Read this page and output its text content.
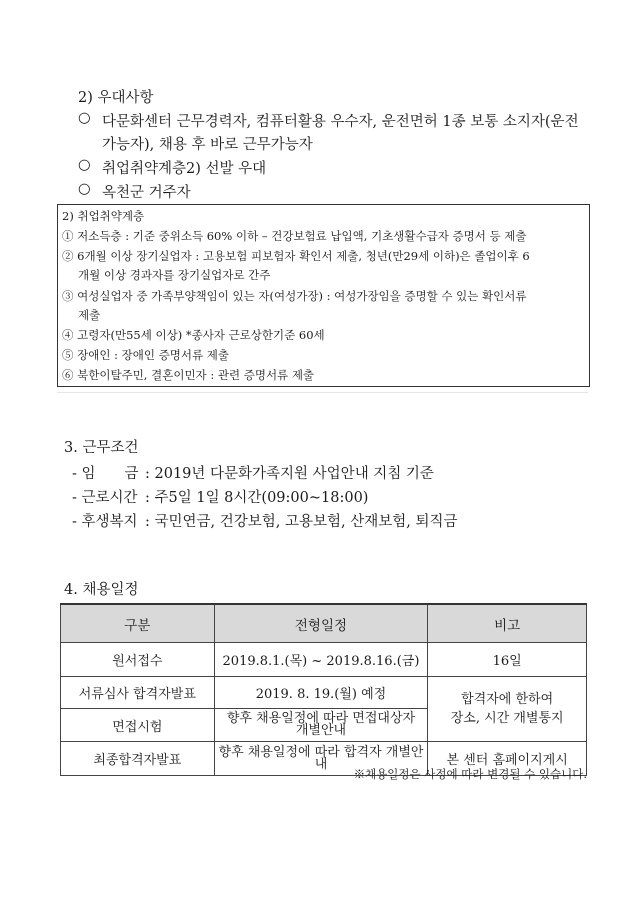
2) 우대사항
○ 다문화센터 근무경력자, 컴퓨터활용 우수자, 운전면허 1종 보통 소지자(운전
가능자), 채용 후 바로 근무가능자
○ 취업취약계층2) 선발 우대
○ 옥천군 거주자
2) 취업취약계층
① 저소득층 : 기준 중위소득 60% 이하 – 건강보험료 납입액, 기초생활수급자 증명서 등 제출
② 6개월 이상 장기실업자 : 고용보험 피보험자 확인서 제출, 청년(만29세 이하)은 졸업이후 6
개월 이상 경과자를 장기실업자로 간주
③ 여성실업자 중 가족부양책임이 있는 자(여성가장) : 여성가장임을 증명할 수 있는 확인서류
제출
④ 고령자(만55세 이상) *종사자 근로상한기준 60세
⑤ 장애인 : 장애인 증명서류 제출
⑥ 북한이탈주민, 결혼이민자 : 관련 증명서류 제출
3. 근무조건
- 임　　금 : 2019년 다문화가족지원 사업안내 지침 기준
- 근로시간 : 주5일 1일 8시간(09:00~18:00)
- 후생복지 : 국민연금, 건강보험, 고용보험, 산재보험, 퇴직금
4. 채용일정
구분	전형일정	비고
원서접수	2019.8.1.(목) ~ 2019.8.16.(금)	16일
서류심사 합격자발표	2019. 8. 19.(월) 예정	합격자에 한하여
장소, 시간 개별통지

면접시험	향후 채용일정에 따라 면접대상자
개별안내	

최종합격자발표	향후 채용일정에 따라 합격자 개별안내	본 센터 홈페이지게시
※채용일정은 사정에 따라 변경될 수 있습니다.
